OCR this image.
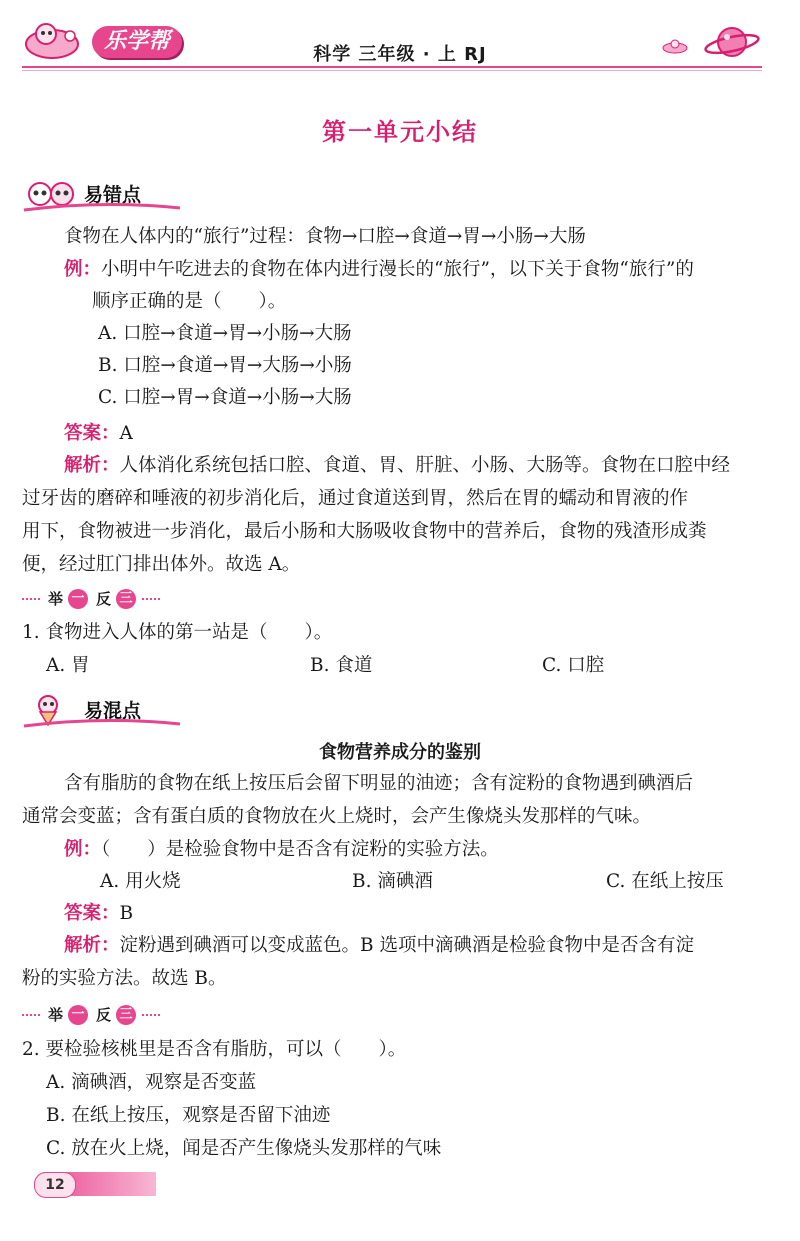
乐学帮
科学 三年级 · 上 RJ
第一单元小结
易错点
食物在人体内的“旅行”过程：食物→口腔→食道→胃→小肠→大肠
例：小明中午吃进去的食物在体内进行漫长的“旅行”，以下关于食物“旅行”的
顺序正确的是（　　）。
A. 口腔→食道→胃→小肠→大肠
B. 口腔→食道→胃→大肠→小肠
C. 口腔→胃→食道→小肠→大肠
答案：A
解析：人体消化系统包括口腔、食道、胃、肝脏、小肠、大肠等。食物在口腔中经
过牙齿的磨碎和唾液的初步消化后，通过食道送到胃，然后在胃的蠕动和胃液的作
用下，食物被进一步消化，最后小肠和大肠吸收食物中的营养后，食物的残渣形成粪
便，经过肛门排出体外。故选 A。
举 一 反 三
1. 食物进入人体的第一站是（　　）。
A. 胃	B. 食道	C. 口腔
易混点
食物营养成分的鉴别
含有脂肪的食物在纸上按压后会留下明显的油迹；含有淀粉的食物遇到碘酒后
通常会变蓝；含有蛋白质的食物放在火上烧时，会产生像烧头发那样的气味。
例：（　　）是检验食物中是否含有淀粉的实验方法。
A. 用火烧	B. 滴碘酒	C. 在纸上按压
答案：B
解析：淀粉遇到碘酒可以变成蓝色。B 选项中滴碘酒是检验食物中是否含有淀
粉的实验方法。故选 B。
举 一 反 三
2. 要检验核桃里是否含有脂肪，可以（　　）。
A. 滴碘酒，观察是否变蓝
B. 在纸上按压，观察是否留下油迹
C. 放在火上烧，闻是否产生像烧头发那样的气味
12
